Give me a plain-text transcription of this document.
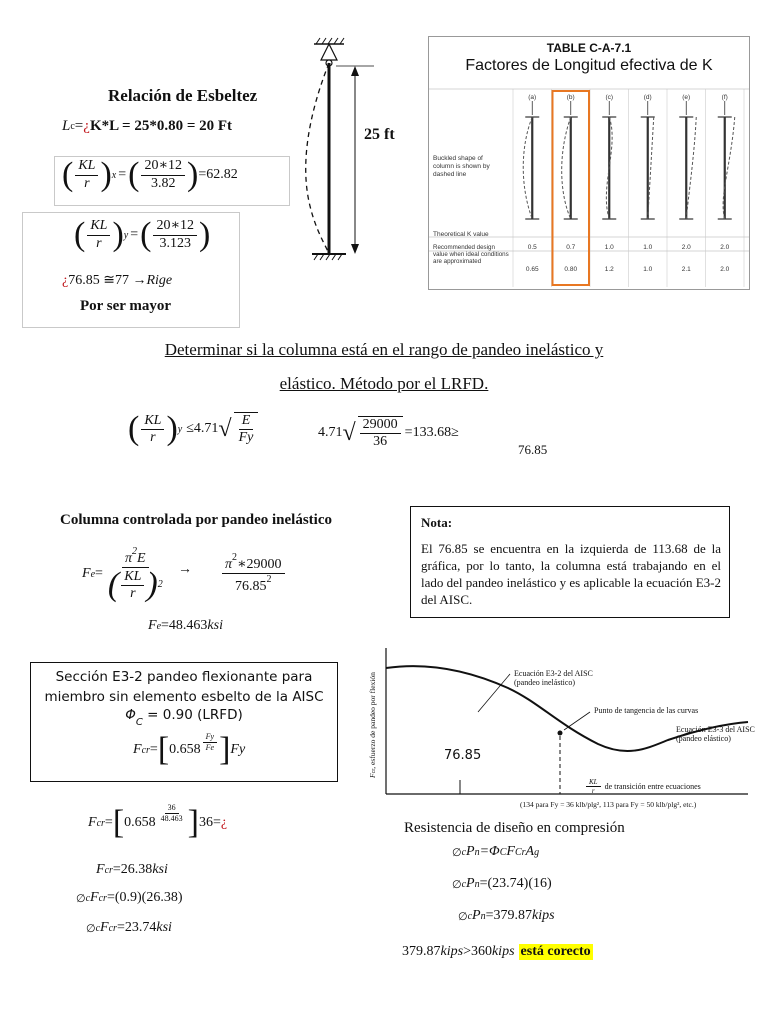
Relación de Esbeltez
L c = ¿ K*L = 25*0.80 = 20 Ft
( $\frac{KL}{r}$ ) x = ( $\frac{20∗12}{3.82}$ ) =62.82
( $\frac{KL}{r}$ ) y = ( $\frac{20∗12}{3.123}$ )
¿ 76.85 ≅77 → Rige
Por ser mayor
25 ft
TABLE C-A-7.1
Factores de Longitud efectiva de K
Buckled shape of column is shown by dashed line
Theoretical K value
Recommended design value when ideal conditions are approximated
(a)
0.5
0.65
(b)
0.7
0.80
(c)
1.0
1.2
(d)
1.0
1.0
(e)
2.0
2.1
(f)
2.0
2.0
Determinar si la columna está en el rango de pandeo inelástico y
elástico. Método por el LRFD.
( $\frac{KL}{r}$ ) y ≤4.71 √ $\frac{E}{Fy}$	4.71 √ $\frac{29000}{36} =133.68\ge$
76.85
Columna controlada por pandeo inelástico
F $e = \frac{\pi^2E}{( \frac{KL}{r} ) 2} \to \frac{\pi^2∗29000}{76.85^2}$
F e =48.463 ksi
Nota:
El 76.85 se encuentra en la izquierda de 113.68 de la gráfica, por lo tanto, la columna está trabajando en el lado del pandeo inelástico y es aplicable la ecuación E3-2 del AISC.
Sección E3-2 pandeo flexionante para
miembro sin elemento esbelto de la AISC
$\Phi_C = 0.90$ (LRFD)
F cr = [ $0.658 \frac{Fy}{Fe}$ ] Fy
Fcr, esfuerzo de pandeo por flexión	Ecuación E3-2 del AISC
(pandeo inelástico)
Punto de tangencia de las curvas
Ecuación E3-3 del AISC
(pandeo elástico)
76.85
$\frac{KL}{r}$ de transición entre ecuaciones
(134 para Fy = 36 klb/plg², 113 para Fy = 50 klb/plg², etc.)
F cr = [ $0.658 \frac{36}{48.463}$ ] 36= ¿
F cr =26.38 ksi
∅ c F cr =(0.9)(26.38)
∅ c F cr =23.74 ksi
Resistencia de diseño en compresión
∅ c P n =Φ C F Cr A g
∅ c P n =(23.74)(16)
∅ c P n =379.87 kips
379.87 kips >360 kips está corecto
